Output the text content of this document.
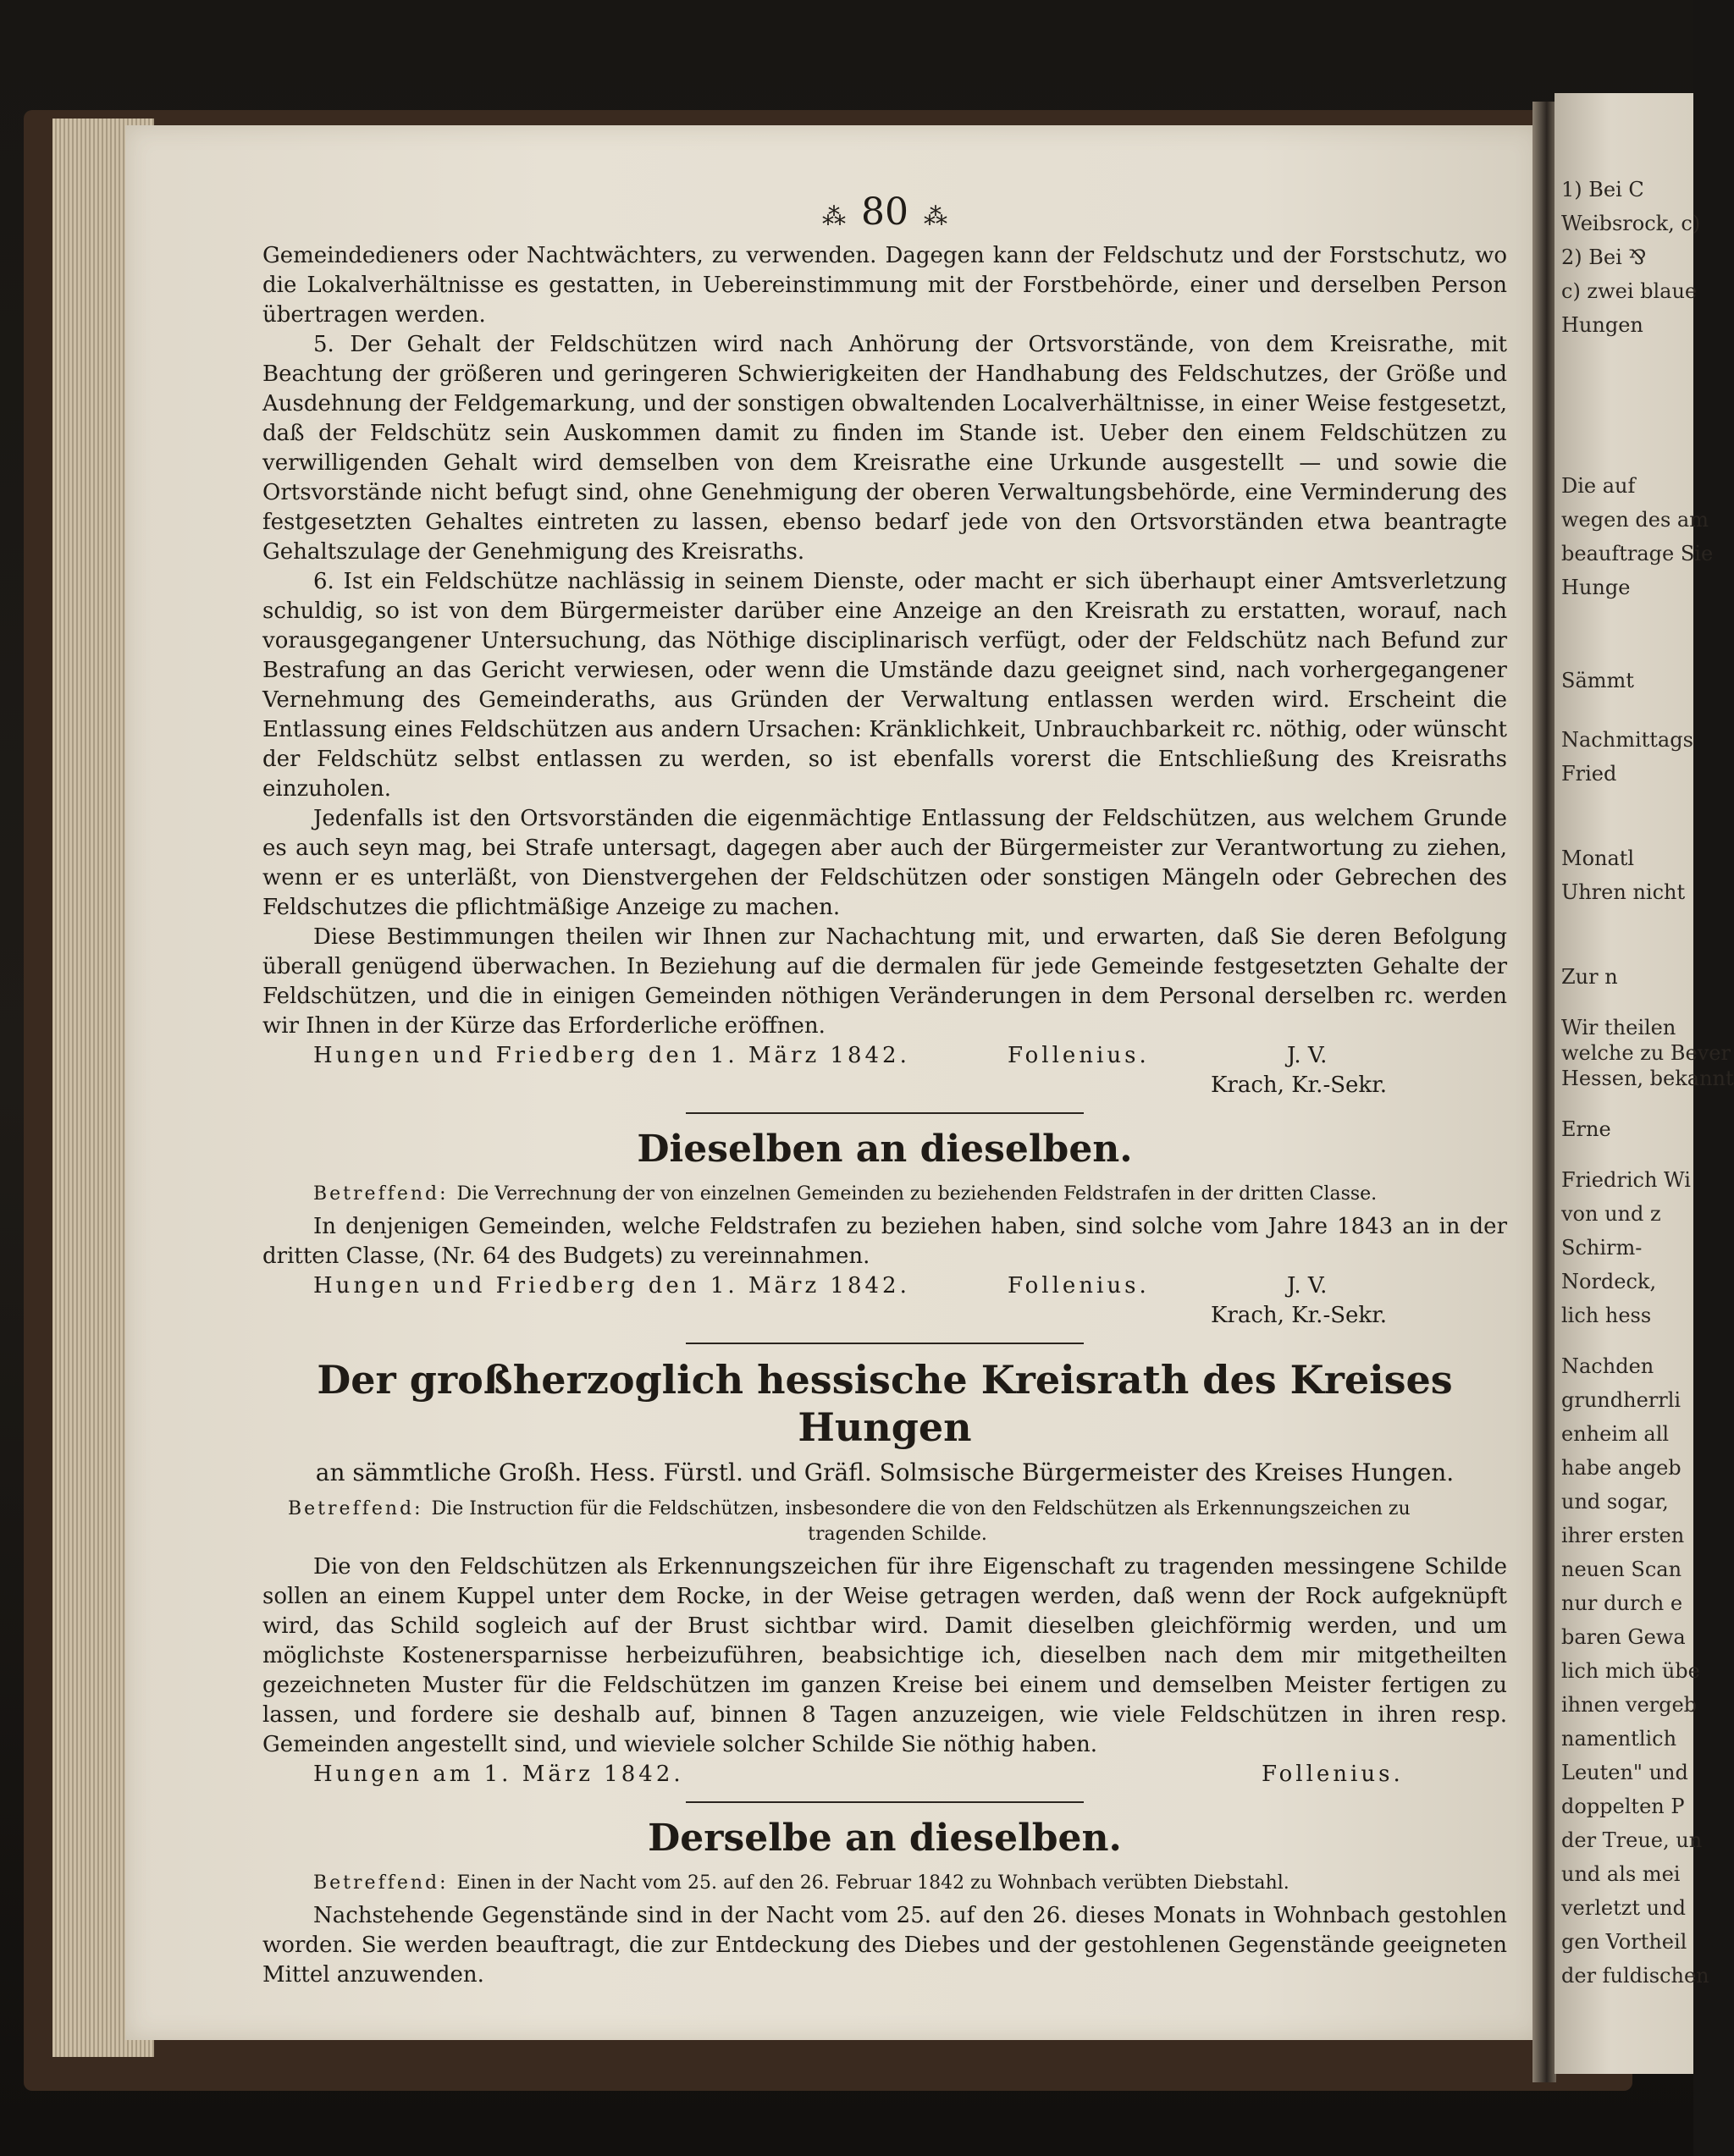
1) Bei C
Weibsrock, c)
2) Bei ⅋
c) zwei blaue
Hungen
Die auf
wegen des am
beauftrage Sie
Hunge
Sämmt
Nachmittags
Fried
Monatl
Uhren nicht
Zur n
Wir theilen
welche zu Bever
Hessen, bekannt
Erne
Friedrich Wi
von und z
Schirm-
Nordeck,
lich hess
Nachden
grundherrli
enheim all
habe angeb
und sogar,
ihrer ersten
neuen Scan
nur durch e
baren Gewa
lich mich übe
ihnen vergeb
namentlich
Leuten" und
doppelten P
der Treue, un
und als mei
verletzt und
gen Vortheil
der fuldischen
⁂ 80 ⁂

Gemeindedieners oder Nachtwächters, zu verwenden. Dagegen kann der Feldschutz und der Forstschutz, wo die Lokalverhältnisse es gestatten, in Uebereinstimmung mit der Forstbehörde, einer und derselben Person übertragen werden.

5. Der Gehalt der Feldschützen wird nach Anhörung der Ortsvorstände, von dem Kreisrathe, mit Beachtung der größeren und geringeren Schwierigkeiten der Handhabung des Feldschutzes, der Größe und Ausdehnung der Feldgemarkung, und der sonstigen obwaltenden Localverhältnisse, in einer Weise festgesetzt, daß der Feldschütz sein Auskommen damit zu finden im Stande ist. Ueber den einem Feldschützen zu verwilligenden Gehalt wird demselben von dem Kreisrathe eine Urkunde ausgestellt — und sowie die Ortsvorstände nicht befugt sind, ohne Genehmigung der oberen Verwaltungsbehörde, eine Verminderung des festgesetzten Gehaltes eintreten zu lassen, ebenso bedarf jede von den Ortsvorständen etwa beantragte Gehaltszulage der Genehmigung des Kreisraths.

6. Ist ein Feldschütze nachlässig in seinem Dienste, oder macht er sich überhaupt einer Amtsverletzung schuldig, so ist von dem Bürgermeister darüber eine Anzeige an den Kreisrath zu erstatten, worauf, nach vorausgegangener Untersuchung, das Nöthige disciplinarisch verfügt, oder der Feldschütz nach Befund zur Bestrafung an das Gericht verwiesen, oder wenn die Umstände dazu geeignet sind, nach vorhergegangener Vernehmung des Gemeinderaths, aus Gründen der Verwaltung entlassen werden wird. Erscheint die Entlassung eines Feldschützen aus andern Ursachen: Kränklichkeit, Unbrauchbarkeit rc. nöthig, oder wünscht der Feldschütz selbst entlassen zu werden, so ist ebenfalls vorerst die Entschließung des Kreisraths einzuholen.

Jedenfalls ist den Ortsvorständen die eigenmächtige Entlassung der Feldschützen, aus welchem Grunde es auch seyn mag, bei Strafe untersagt, dagegen aber auch der Bürgermeister zur Verantwortung zu ziehen, wenn er es unterläßt, von Dienstvergehen der Feldschützen oder sonstigen Mängeln oder Gebrechen des Feldschutzes die pflichtmäßige Anzeige zu machen.

Diese Bestimmungen theilen wir Ihnen zur Nachachtung mit, und erwarten, daß Sie deren Befolgung überall genügend überwachen. In Beziehung auf die dermalen für jede Gemeinde festgesetzten Gehalte der Feldschützen, und die in einigen Gemeinden nöthigen Veränderungen in dem Personal derselben rc. werden wir Ihnen in der Kürze das Erforderliche eröffnen.

Hungen und Friedberg den 1. März 1842.	Follenius.	J. V.
Krach, Kr.-Sekr.
Dieselben an dieselben.
Betreffend: Die Verrechnung der von einzelnen Gemeinden zu beziehenden Feldstrafen in der dritten Classe.

In denjenigen Gemeinden, welche Feldstrafen zu beziehen haben, sind solche vom Jahre 1843 an in der dritten Classe, (Nr. 64 des Budgets) zu vereinnahmen.

Hungen und Friedberg den 1. März 1842.	Follenius.	J. V.
Krach, Kr.-Sekr.
Der großherzoglich hessische Kreisrath des Kreises Hungen
an sämmtliche Großh. Hess. Fürstl. und Gräfl. Solmsische Bürgermeister des Kreises Hungen.
Betreffend: Die Instruction für die Feldschützen, insbesondere die von den Feldschützen als Erkennungszeichen zu
tragenden Schilde.

Die von den Feldschützen als Erkennungszeichen für ihre Eigenschaft zu tragenden messingene Schilde sollen an einem Kuppel unter dem Rocke, in der Weise getragen werden, daß wenn der Rock aufgeknüpft wird, das Schild sogleich auf der Brust sichtbar wird. Damit dieselben gleichförmig werden, und um möglichste Kostenersparnisse herbeizuführen, beabsichtige ich, dieselben nach dem mir mitgetheilten gezeichneten Muster für die Feldschützen im ganzen Kreise bei einem und demselben Meister fertigen zu lassen, und fordere sie deshalb auf, binnen 8 Tagen anzuzeigen, wie viele Feldschützen in ihren resp. Gemeinden angestellt sind, und wieviele solcher Schilde Sie nöthig haben.

Hungen am 1. März 1842.	Follenius.
Derselbe an dieselben.
Betreffend: Einen in der Nacht vom 25. auf den 26. Februar 1842 zu Wohnbach verübten Diebstahl.

Nachstehende Gegenstände sind in der Nacht vom 25. auf den 26. dieses Monats in Wohnbach gestohlen worden. Sie werden beauftragt, die zur Entdeckung des Diebes und der gestohlenen Gegenstände geeigneten Mittel anzuwenden.
